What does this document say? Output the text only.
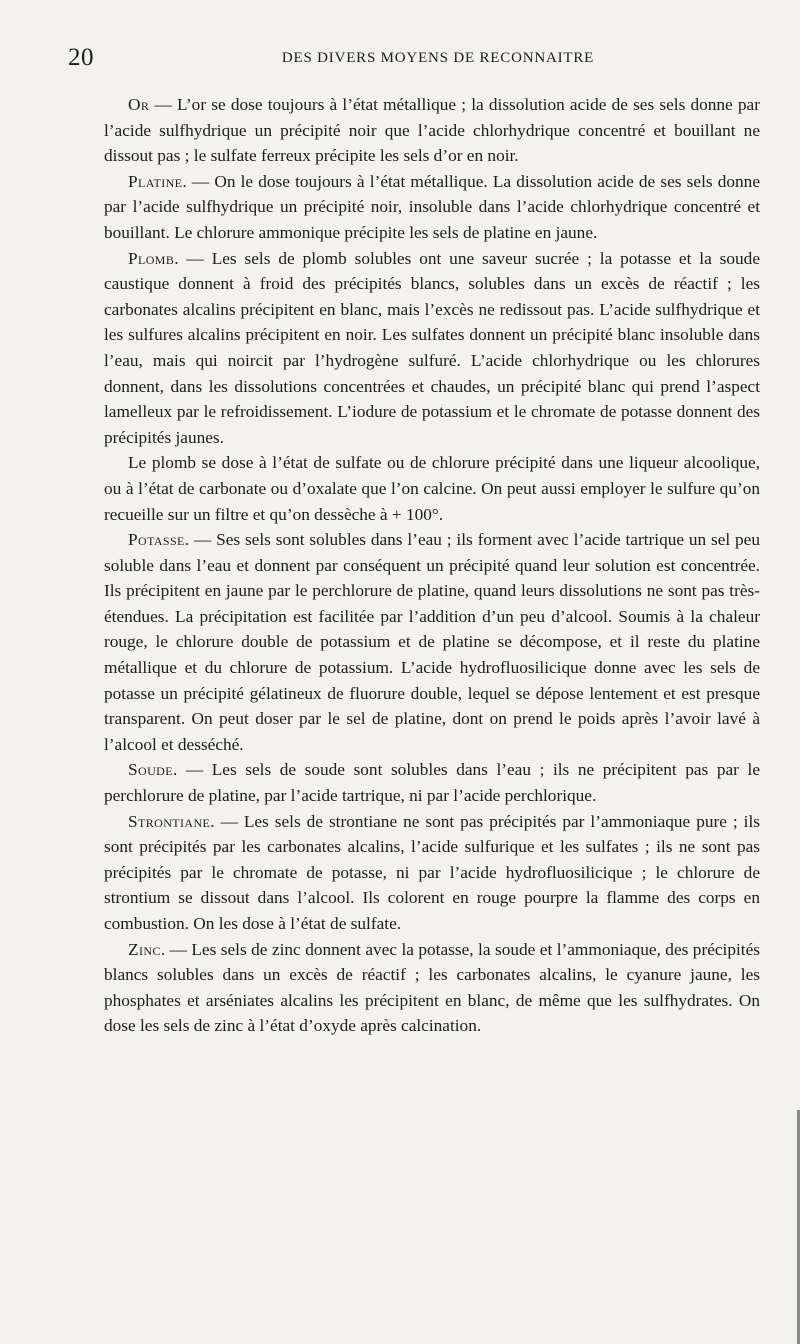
20	DES DIVERS MOYENS DE RECONNAITRE

Or — L’or se dose toujours à l’état métallique ; la dissolution acide de ses sels donne par l’acide sulfhydrique un précipité noir que l’acide chlorhydrique concentré et bouillant ne dissout pas ; le sulfate ferreux précipite les sels d’or en noir.

Platine. — On le dose toujours à l’état métallique. La dissolution acide de ses sels donne par l’acide sulfhydrique un précipité noir, insoluble dans l’acide chlorhydrique concentré et bouillant. Le chlorure ammonique précipite les sels de platine en jaune.

Plomb. — Les sels de plomb solubles ont une saveur sucrée ; la potasse et la soude caustique donnent à froid des précipités blancs, solubles dans un excès de réactif ; les carbonates alcalins précipitent en blanc, mais l’excès ne redissout pas. L’acide sulfhydrique et les sulfures alcalins précipitent en noir. Les sulfates donnent un précipité blanc insoluble dans l’eau, mais qui noircit par l’hydrogène sulfuré. L’acide chlorhydrique ou les chlorures donnent, dans les dissolutions concentrées et chaudes, un précipité blanc qui prend l’aspect lamelleux par le refroidissement. L’iodure de potassium et le chromate de potasse donnent des précipités jaunes.

Le plomb se dose à l’état de sulfate ou de chlorure précipité dans une liqueur alcoolique, ou à l’état de carbonate ou d’oxalate que l’on calcine. On peut aussi employer le sulfure qu’on recueille sur un filtre et qu’on dessèche à + 100°.

Potasse. — Ses sels sont solubles dans l’eau ; ils forment avec l’acide tartrique un sel peu soluble dans l’eau et donnent par conséquent un précipité quand leur solution est concentrée. Ils précipitent en jaune par le perchlorure de platine, quand leurs dissolutions ne sont pas très-étendues. La précipitation est facilitée par l’addition d’un peu d’alcool. Soumis à la chaleur rouge, le chlorure double de potassium et de platine se décompose, et il reste du platine métallique et du chlorure de potassium. L’acide hydrofluosilicique donne avec les sels de potasse un précipité gélatineux de fluorure double, lequel se dépose lentement et est presque transparent. On peut doser par le sel de platine, dont on prend le poids après l’avoir lavé à l’alcool et desséché.

Soude. — Les sels de soude sont solubles dans l’eau ; ils ne précipitent pas par le perchlorure de platine, par l’acide tartrique, ni par l’acide perchlorique.

Strontiane. — Les sels de strontiane ne sont pas précipités par l’ammoniaque pure ; ils sont précipités par les carbonates alcalins, l’acide sulfurique et les sulfates ; ils ne sont pas précipités par le chromate de potasse, ni par l’acide hydrofluosilicique ; le chlorure de strontium se dissout dans l’alcool. Ils colorent en rouge pourpre la flamme des corps en combustion. On les dose à l’état de sulfate.

Zinc. — Les sels de zinc donnent avec la potasse, la soude et l’ammoniaque, des précipités blancs solubles dans un excès de réactif ; les carbonates alcalins, le cyanure jaune, les phosphates et arséniates alcalins les précipitent en blanc, de même que les sulfhydrates. On dose les sels de zinc à l’état d’oxyde après calcination.
